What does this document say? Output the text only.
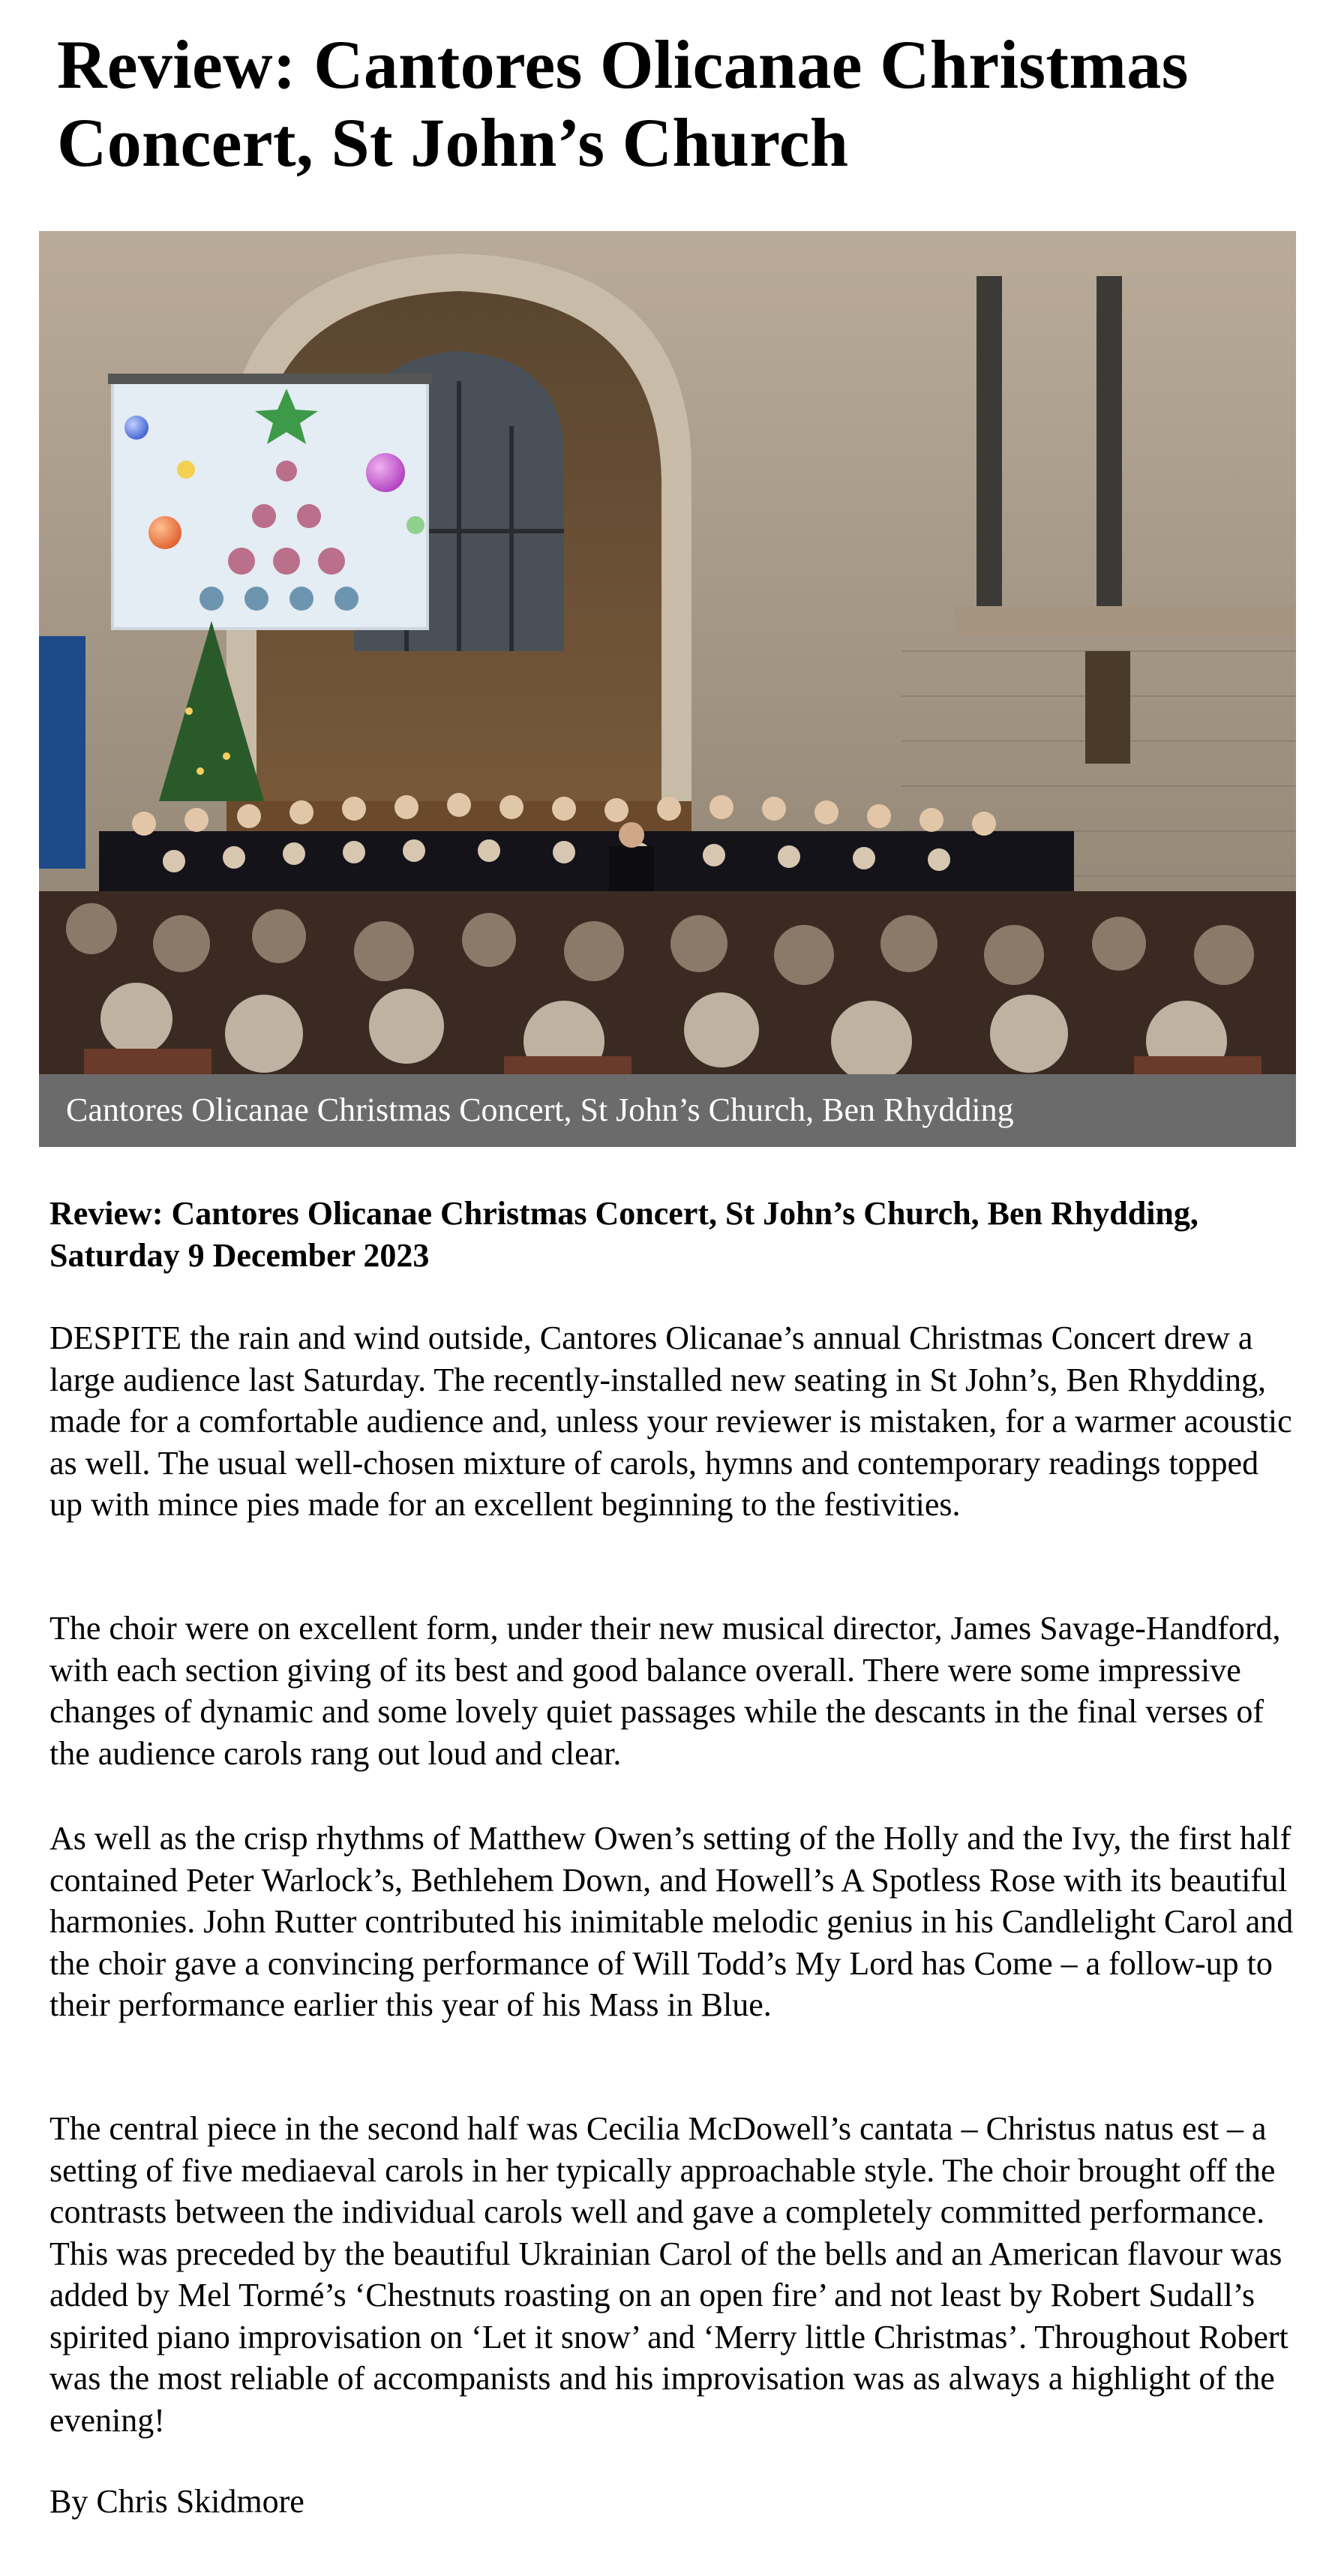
Review: Cantores Olicanae Christmas Concert, St John’s Church
Cantores Olicanae Christmas Concert, St John’s Church, Ben Rhydding

Review: Cantores Olicanae Christmas Concert, St John’s Church, Ben Rhydding, Saturday 9 December 2023

DESPITE the rain and wind outside, Cantores Olicanae’s annual Christmas Concert drew a large audience last Saturday. The recently-installed new seating in St John’s, Ben Rhydding, made for a comfortable audience and, unless your reviewer is mistaken, for a warmer acoustic as well. The usual well-chosen mixture of carols, hymns and contemporary readings topped up with mince pies made for an excellent beginning to the festivities.

The choir were on excellent form, under their new musical director, James Savage-Handford, with each section giving of its best and good balance overall. There were some impressive changes of dynamic and some lovely quiet passages while the descants in the final verses of the audience carols rang out loud and clear.

As well as the crisp rhythms of Matthew Owen’s setting of the Holly and the Ivy, the first half contained Peter Warlock’s, Bethlehem Down, and Howell’s A Spotless Rose with its beautiful harmonies. John Rutter contributed his inimitable melodic genius in his Candlelight Carol and the choir gave a convincing performance of Will Todd’s My Lord has Come – a follow-up to their performance earlier this year of his Mass in Blue.

The central piece in the second half was Cecilia McDowell’s cantata – Christus natus est – a setting of five mediaeval carols in her typically approachable style. The choir brought off the contrasts between the individual carols well and gave a completely committed performance. This was preceded by the beautiful Ukrainian Carol of the bells and an American flavour was added by Mel Tormé’s ‘Chestnuts roasting on an open fire’ and not least by Robert Sudall’s spirited piano improvisation on ‘Let it snow’ and ‘Merry little Christmas’. Throughout Robert was the most reliable of accompanists and his improvisation was as always a highlight of the evening!

By Chris Skidmore
